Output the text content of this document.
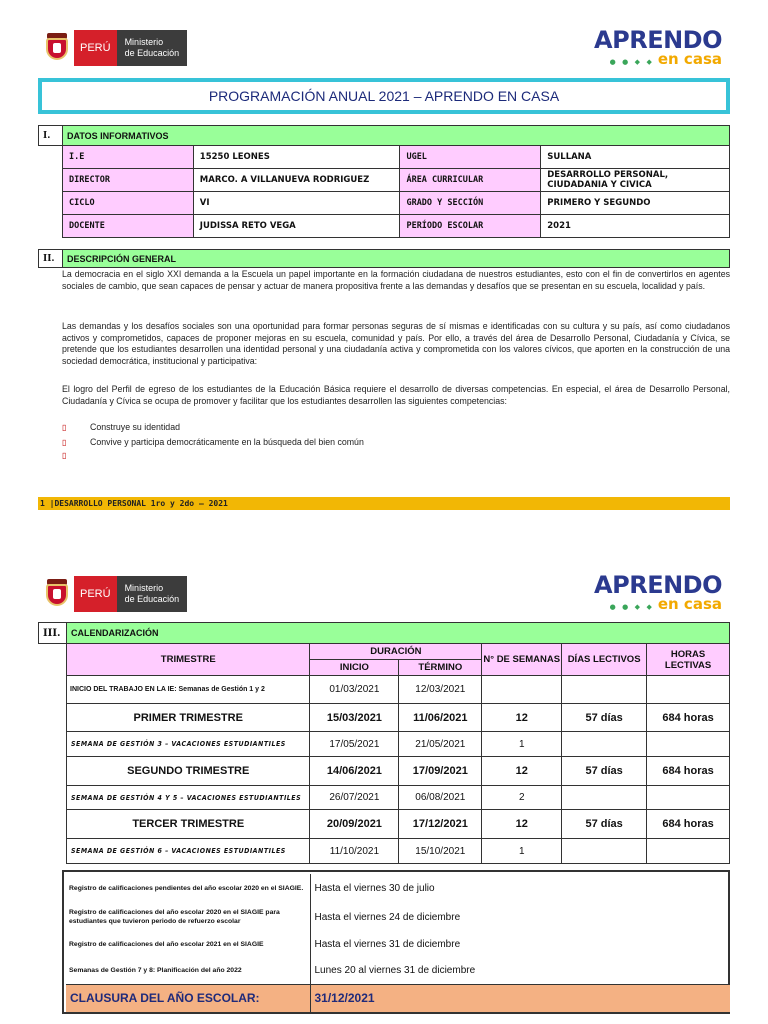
PERÚ	Ministerio
de Educación	APRENDO
● ● ◆ ◆ en casa
PROGRAMACIÓN ANUAL 2021 – APRENDO EN CASA
I.	DATOS INFORMATIVOS
I.E	15250 LEONES	UGEL	SULLANA
DIRECTOR	MARCO. A VILLANUEVA RODRIGUEZ	ÁREA CURRICULAR	DESARROLLO PERSONAL, CIUDADANIA Y CIVICA
CICLO	VI	GRADO Y SECCIÓN	PRIMERO Y SEGUNDO
DOCENTE	JUDISSA RETO VEGA	PERÍODO ESCOLAR	2021
II.	DESCRIPCIÓN GENERAL
La democracia en el siglo XXI demanda a la Escuela un papel importante en la formación ciudadana de nuestros estudiantes, esto con el fin de convertirlos en agentes sociales de cambio, que sean capaces de pensar y actuar de manera propositiva frente a las demandas y desafíos que se presentan en su escuela, localidad y país.
Las demandas y los desafíos sociales son una oportunidad para formar personas seguras de sí mismas e identificadas con su cultura y su país, así como ciudadanos activos y comprometidos, capaces de proponer mejoras en su escuela, comunidad y país. Por ello, a través del área de Desarrollo Personal, Ciudadanía y Cívica, se pretende que los estudiantes desarrollen una identidad personal y una ciudadanía activa y comprometida con los valores cívicos, que aporten en la construcción de una sociedad democrática, institucional y participativa:
El logro del Perfil de egreso de los estudiantes de la Educación Básica requiere el desarrollo de diversas competencias. En especial, el área de Desarrollo Personal, Ciudadanía y Cívica se ocupa de promover y facilitar que los estudiantes desarrollen las siguientes competencias:
▯	Construye su identidad
▯	Convive y participa democráticamente en la búsqueda del bien común
▯
1 |DESARROLLO PERSONAL 1ro y 2do – 2021
PERÚ	Ministerio
de Educación	APRENDO
● ● ◆ ◆ en casa
III.	CALENDARIZACIÓN
TRIMESTRE	DURACIÓN		N° DE SEMANAS	DÍAS LECTIVOS	HORAS LECTIVAS
	INICIO	TÉRMINO			
INICIO DEL TRABAJO EN LA IE: Semanas de Gestión 1 y 2	01/03/2021	12/03/2021			
PRIMER TRIMESTRE	15/03/2021	11/06/2021	12	57 días	684 horas
SEMANA DE GESTIÓN 3 – VACACIONES ESTUDIANTILES	17/05/2021	21/05/2021	1		
SEGUNDO TRIMESTRE	14/06/2021	17/09/2021	12	57 días	684 horas
SEMANA DE GESTIÓN 4 Y 5 – VACACIONES ESTUDIANTILES	26/07/2021	06/08/2021	2		
TERCER TRIMESTRE	20/09/2021	17/12/2021	12	57 días	684 horas
SEMANA DE GESTIÓN 6 – VACACIONES ESTUDIANTILES	11/10/2021	15/10/2021	1		
Registro de calificaciones pendientes del año escolar 2020 en el SIAGIE.	Hasta el viernes 30 de julio
Registro de calificaciones del año escolar 2020 en el SIAGIE para estudiantes que tuvieron periodo de refuerzo escolar	Hasta el viernes 24 de diciembre
Registro de calificaciones del año escolar 2021 en el SIAGIE	Hasta el viernes 31 de diciembre
Semanas de Gestión 7 y 8: Planificación del año 2022	Lunes 20 al viernes 31 de diciembre
CLAUSURA DEL AÑO ESCOLAR:	31/12/2021
